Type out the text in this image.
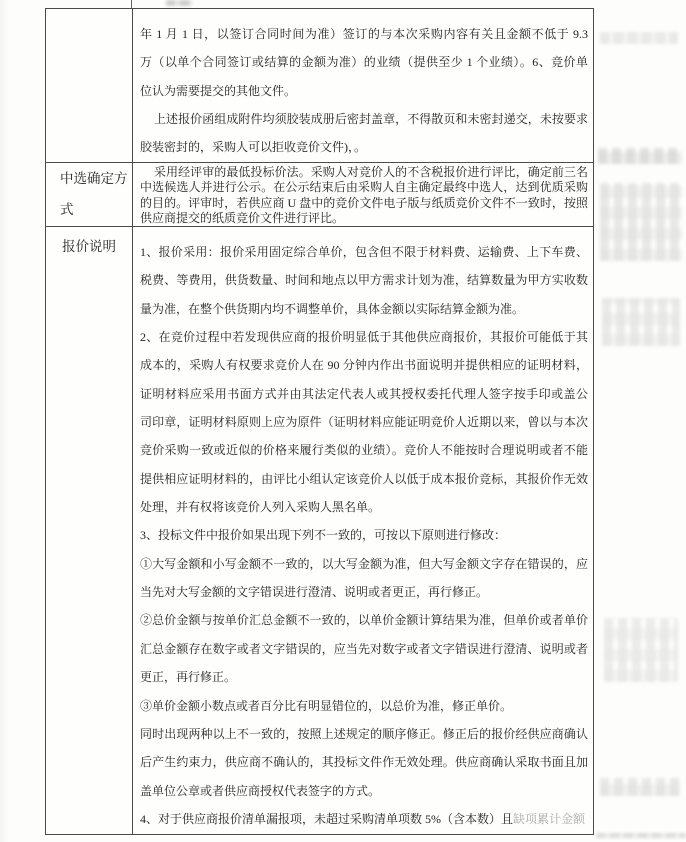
年 1 月 1 日，以签订合同时间为准）签订的与本次采购内容有关且金额不低于 9.3
万（以单个合同签订或结算的金额为准）的业绩（提供至少 1 个业绩）。6、竞价单
位认为需要提交的其他文件。
上述报价函组成附件均须胶装成册后密封盖章，不得散页和未密封递交，未按要求
胶装密封的，采购人可以拒收竞价文件)，。
中选确定方式
采用经评审的最低投标价法。采购人对竞价人的不含税报价进行评比，确定前三名
中选候选人并进行公示。在公示结束后由采购人自主确定最终中选人，达到优质采购
的目的。评审时，若供应商 U 盘中的竞价文件电子版与纸质竞价文件不一致时，按照
供应商提交的纸质竞价文件进行评比。
报价说明	1、报价采用：报价采用固定综合单价，包含但不限于材料费、运输费、上下车费、
税费、等费用，供货数量、时间和地点以甲方需求计划为准，结算数量为甲方实收数
量为准，在整个供货期内均不调整单价，具体金额以实际结算金额为准。
2、在竞价过程中若发现供应商的报价明显低于其他供应商报价，其报价可能低于其
成本的，采购人有权要求竞价人在 90 分钟内作出书面说明并提供相应的证明材料，
证明材料应采用书面方式并由其法定代表人或其授权委托代理人签字按手印或盖公
司印章，证明材料原则上应为原件（证明材料应能证明竞价人近期以来，曾以与本次
竞价采购一致或近似的价格来履行类似的业绩）。竞价人不能按时合理说明或者不能
提供相应证明材料的，由评比小组认定该竞价人以低于成本报价竞标，其报价作无效
处理，并有权将该竞价人列入采购人黑名单。
3、投标文件中报价如果出现下列不一致的，可按以下原则进行修改：
①大写金额和小写金额不一致的，以大写金额为准，但大写金额文字存在错误的，应
当先对大写金额的文字错误进行澄清、说明或者更正，再行修正。
②总价金额与按单价汇总金额不一致的，以单价金额计算结果为准，但单价或者单价
汇总金额存在数字或者文字错误的，应当先对数字或者文字错误进行澄清、说明或者
更正，再行修正。
③单价金额小数点或者百分比有明显错位的，以总价为准，修正单价。
同时出现两种以上不一致的，按照上述规定的顺序修正。修正后的报价经供应商确认
后产生约束力，供应商不确认的，其投标文件作无效处理。供应商确认采取书面且加
盖单位公章或者供应商授权代表签字的方式。
4、对于供应商报价清单漏报项，未超过采购清单项数 5%（含本数）且缺项累计金额
